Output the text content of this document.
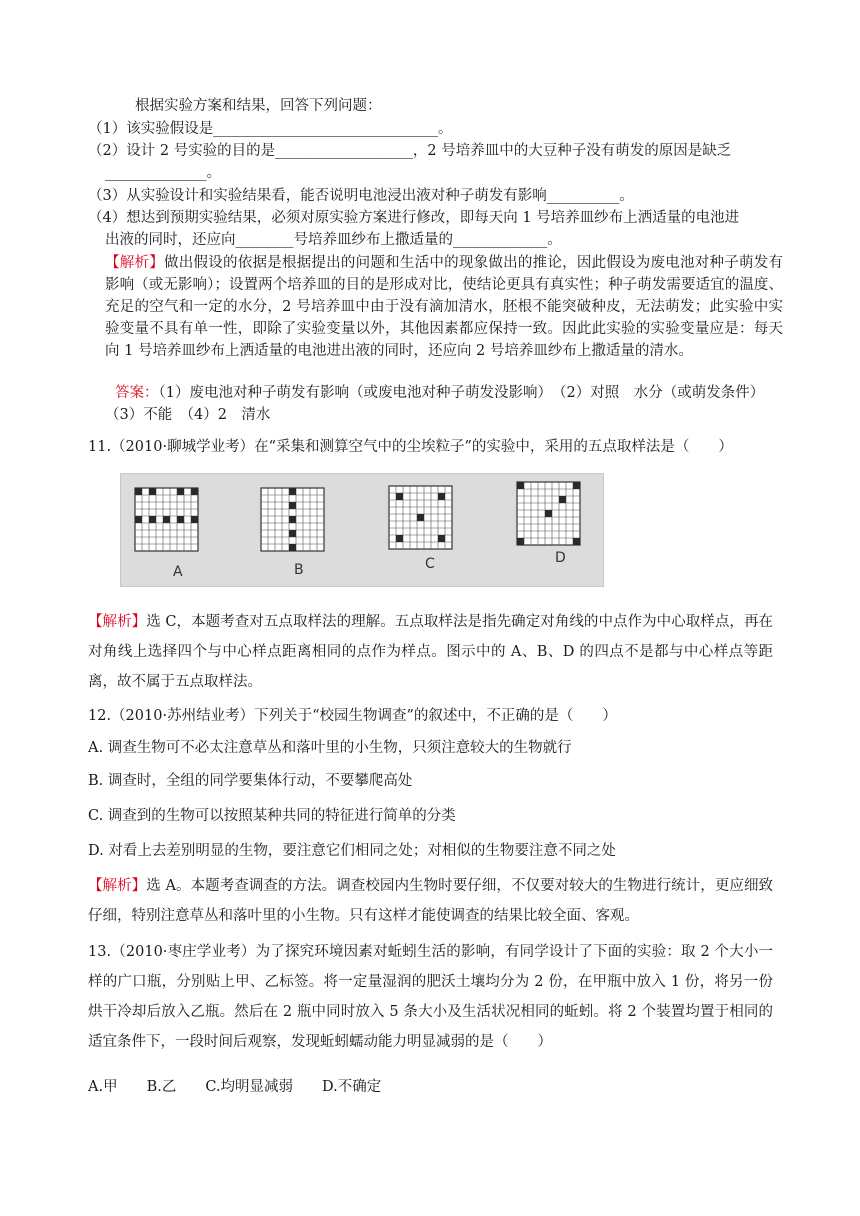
根据实验方案和结果，回答下列问题：
（1）该实验假设是_______________________________。
（2）设计 2 号实验的目的是___________________，2 号培养皿中的大豆种子没有萌发的原因是缺乏
______________。
（3）从实验设计和实验结果看，能否说明电池浸出液对种子萌发有影响__________。
（4）想达到预期实验结果，必须对原实验方案进行修改，即每天向 1 号培养皿纱布上洒适量的电池进
出液的同时，还应向________号培养皿纱布上撒适量的_____________。
【解析】做出假设的依据是根据提出的问题和生活中的现象做出的推论，因此假设为废电池对种子萌发有影响（或无影响）；设置两个培养皿的目的是形成对比，使结论更具有真实性；种子萌发需要适宜的温度、充足的空气和一定的水分，2 号培养皿中由于没有滴加清水，胚根不能突破种皮，无法萌发；此实验中实验变量不具有单一性，即除了实验变量以外，其他因素都应保持一致。因此此实验的实验变量应是：每天向 1 号培养皿纱布上洒适量的电池进出液的同时，还应向 2 号培养皿纱布上撒适量的清水。
答案：（1）废电池对种子萌发有影响（或废电池对种子萌发没影响）　（2）对照　水分（或萌发条件）　（3）不能　（4）2　清水
11.（2010·聊城学业考）在“采集和测算空气中的尘埃粒子”的实验中，采用的五点取样法是（　　）
A	B	C	D
【解析】选 C，本题考查对五点取样法的理解。五点取样法是指先确定对角线的中点作为中心取样点，再在对角线上选择四个与中心样点距离相同的点作为样点。图示中的 A、B、D 的四点不是都与中心样点等距离，故不属于五点取样法。
12.（2010·苏州结业考）下列关于“校园生物调查”的叙述中，不正确的是（　　）
A. 调查生物可不必太注意草丛和落叶里的小生物，只须注意较大的生物就行
B. 调查时，全组的同学要集体行动，不要攀爬高处
C. 调查到的生物可以按照某种共同的特征进行简单的分类
D. 对看上去差别明显的生物，要注意它们相同之处；对相似的生物要注意不同之处
【解析】选 A。本题考查调查的方法。调查校园内生物时要仔细，不仅要对较大的生物进行统计，更应细致仔细，特别注意草丛和落叶里的小生物。只有这样才能使调查的结果比较全面、客观。
13.（2010·枣庄学业考）为了探究环境因素对蚯蚓生活的影响，有同学设计了下面的实验：取 2 个大小一样的广口瓶，分别贴上甲、乙标签。将一定量湿润的肥沃土壤均分为 2 份，在甲瓶中放入 1 份，将另一份烘干冷却后放入乙瓶。然后在 2 瓶中同时放入 5 条大小及生活状况相同的蚯蚓。将 2 个装置均置于相同的适宜条件下，一段时间后观察，发现蚯蚓蠕动能力明显减弱的是（　　）
A.甲　　B.乙　　C.均明显减弱　　D.不确定
